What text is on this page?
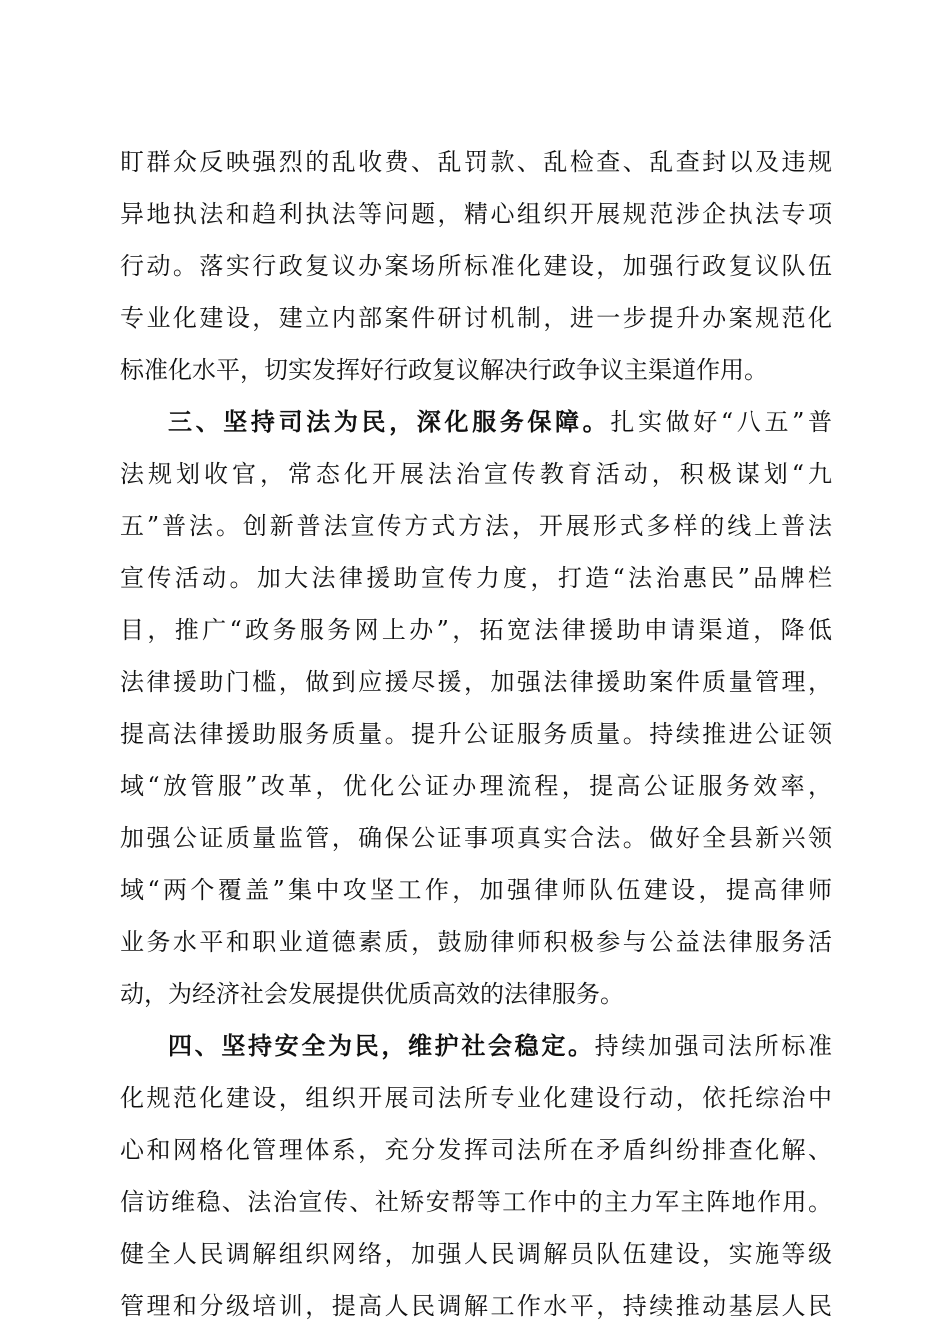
盯群众反映强烈的乱收费、乱罚款、乱检查、乱查封以及违规
异地执法和趋利执法等问题，精心组织开展规范涉企执法专项
行动。落实行政复议办案场所标准化建设，加强行政复议队伍
专业化建设，建立内部案件研讨机制，进一步提升办案规范化
标准化水平，切实发挥好行政复议解决行政争议主渠道作用。
三、坚持司法为民，深化服务保障。扎实做好“八五”普
法规划收官，常态化开展法治宣传教育活动，积极谋划“九
五”普法。创新普法宣传方式方法，开展形式多样的线上普法
宣传活动。加大法律援助宣传力度，打造“法治惠民”品牌栏
目，推广“政务服务网上办”，拓宽法律援助申请渠道，降低
法律援助门槛，做到应援尽援，加强法律援助案件质量管理，
提高法律援助服务质量。提升公证服务质量。持续推进公证领
域“放管服”改革，优化公证办理流程，提高公证服务效率，
加强公证质量监管，确保公证事项真实合法。做好全县新兴领
域“两个覆盖”集中攻坚工作，加强律师队伍建设，提高律师
业务水平和职业道德素质，鼓励律师积极参与公益法律服务活
动，为经济社会发展提供优质高效的法律服务。
四、坚持安全为民，维护社会稳定。持续加强司法所标准
化规范化建设，组织开展司法所专业化建设行动，依托综治中
心和网格化管理体系，充分发挥司法所在矛盾纠纷排查化解、
信访维稳、法治宣传、社矫安帮等工作中的主力军主阵地作用。
健全人民调解组织网络，加强人民调解员队伍建设，实施等级
管理和分级培训，提高人民调解工作水平，持续推动基层人民
